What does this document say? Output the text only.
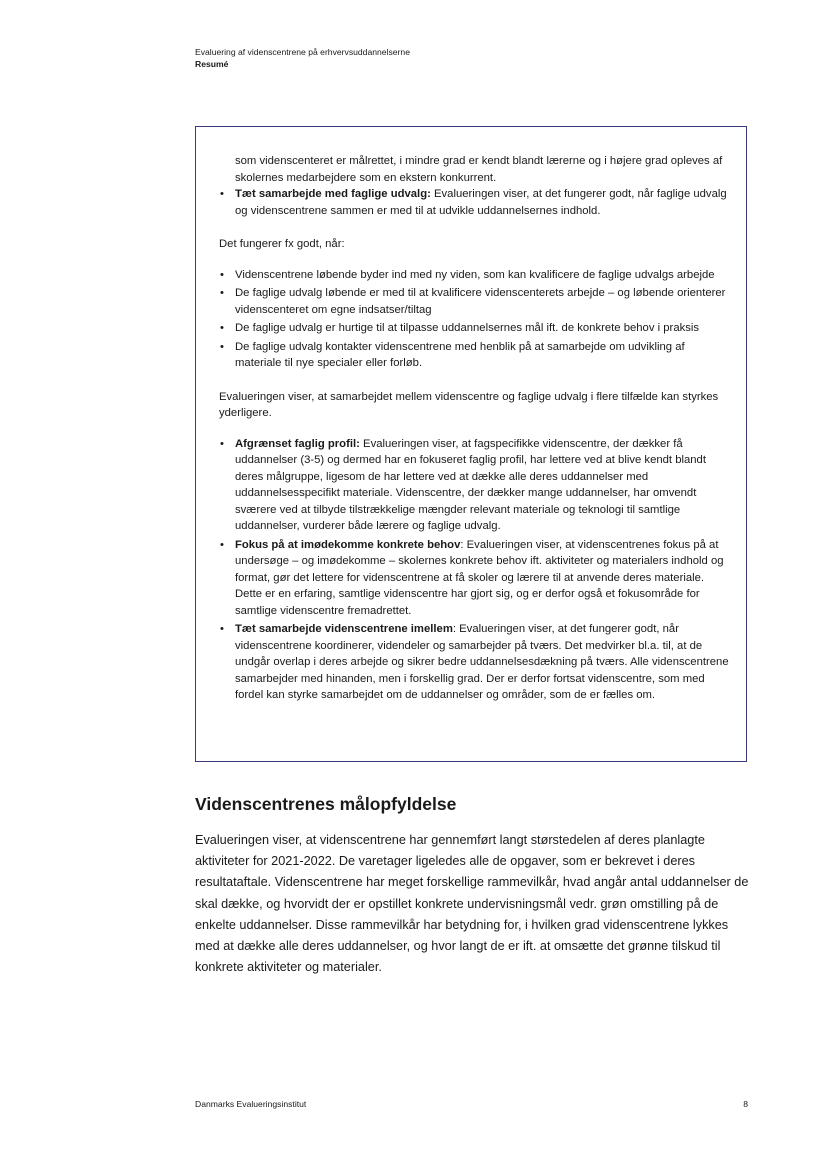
Evaluering af videnscentrene på erhvervsuddannelserne
Resumé

som videnscenteret er målrettet, i mindre grad er kendt blandt lærerne og i højere grad opleves af skolernes medarbejdere som en ekstern konkurrent.

• Tæt samarbejde med faglige udvalg: Evalueringen viser, at det fungerer godt, når faglige udvalg og videnscentrene sammen er med til at udvikle uddannelsernes indhold.

Det fungerer fx godt, når:

• Videnscentrene løbende byder ind med ny viden, som kan kvalificere de faglige udvalgs arbejde
• De faglige udvalg løbende er med til at kvalificere videnscenterets arbejde – og løbende orienterer videnscenteret om egne indsatser/tiltag
• De faglige udvalg er hurtige til at tilpasse uddannelsernes mål ift. de konkrete behov i praksis
• De faglige udvalg kontakter videnscentrene med henblik på at samarbejde om udvikling af materiale til nye specialer eller forløb.

Evalueringen viser, at samarbejdet mellem videnscentre og faglige udvalg i flere tilfælde kan styrkes yderligere.

• Afgrænset faglig profil: Evalueringen viser, at fagspecifikke videnscentre, der dækker få uddannelser (3-5) og dermed har en fokuseret faglig profil, har lettere ved at blive kendt blandt deres målgruppe, ligesom de har lettere ved at dække alle deres uddannelser med uddannelsesspecifikt materiale. Videnscentre, der dækker mange uddannelser, har omvendt sværere ved at tilbyde tilstrækkelige mængder relevant materiale og teknologi til samtlige uddannelser, vurderer både lærere og faglige udvalg.
• Fokus på at imødekomme konkrete behov: Evalueringen viser, at videnscentrenes fokus på at undersøge – og imødekomme – skolernes konkrete behov ift. aktiviteter og materialers indhold og format, gør det lettere for videnscentrene at få skoler og lærere til at anvende deres materiale. Dette er en erfaring, samtlige videnscentre har gjort sig, og er derfor også et fokusområde for samtlige videnscentre fremadrettet.
• Tæt samarbejde videnscentrene imellem: Evalueringen viser, at det fungerer godt, når videnscentrene koordinerer, videndeler og samarbejder på tværs. Det medvirker bl.a. til, at de undgår overlap i deres arbejde og sikrer bedre uddannelsesdækning på tværs. Alle videnscentrene samarbejder med hinanden, men i forskellig grad. Der er derfor fortsat videnscentre, som med fordel kan styrke samarbejdet om de uddannelser og områder, som de er fælles om.
Videnscentrenes målopfyldelse

Evalueringen viser, at videnscentrene har gennemført langt størstedelen af deres planlagte aktiviteter for 2021-2022. De varetager ligeledes alle de opgaver, som er bekrevet i deres resultataftale. Videnscentrene har meget forskellige rammevilkår, hvad angår antal uddannelser de skal dække, og hvorvidt der er opstillet konkrete undervisningsmål vedr. grøn omstilling på de enkelte uddannelser. Disse rammevilkår har betydning for, i hvilken grad videnscentrene lykkes med at dække alle deres uddannelser, og hvor langt de er ift. at omsætte det grønne tilskud til konkrete aktiviteter og materialer.

Danmarks Evalueringsinstitut	8
